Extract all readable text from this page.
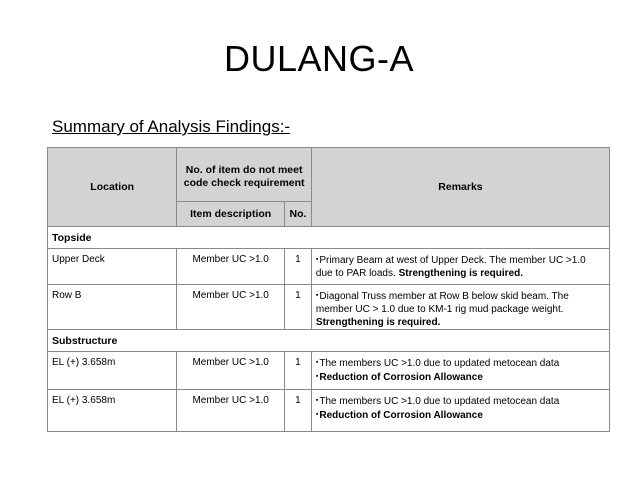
DULANG-A
Summary of Analysis Findings:-
Location	No. of item do not meet code check requirement		Remarks
	Item description	No.	
Topside			
Upper Deck	Member UC >1.0	1	▪Primary Beam at west of Upper Deck. The member UC >1.0 due to PAR loads. Strengthening is required.

Row B	Member UC >1.0	1	▪Diagonal Truss member at Row B below skid beam. The member UC > 1.0 due to KM-1 rig mud package weight. Strengthening is required.

Substructure			
EL (+) 3.658m	Member UC >1.0	1	▪The members UC >1.0 due to updated metocean data
▪Reduction of Corrosion Allowance

EL (+) 3.658m	Member UC >1.0	1	▪The members UC >1.0 due to updated metocean data
▪Reduction of Corrosion Allowance
